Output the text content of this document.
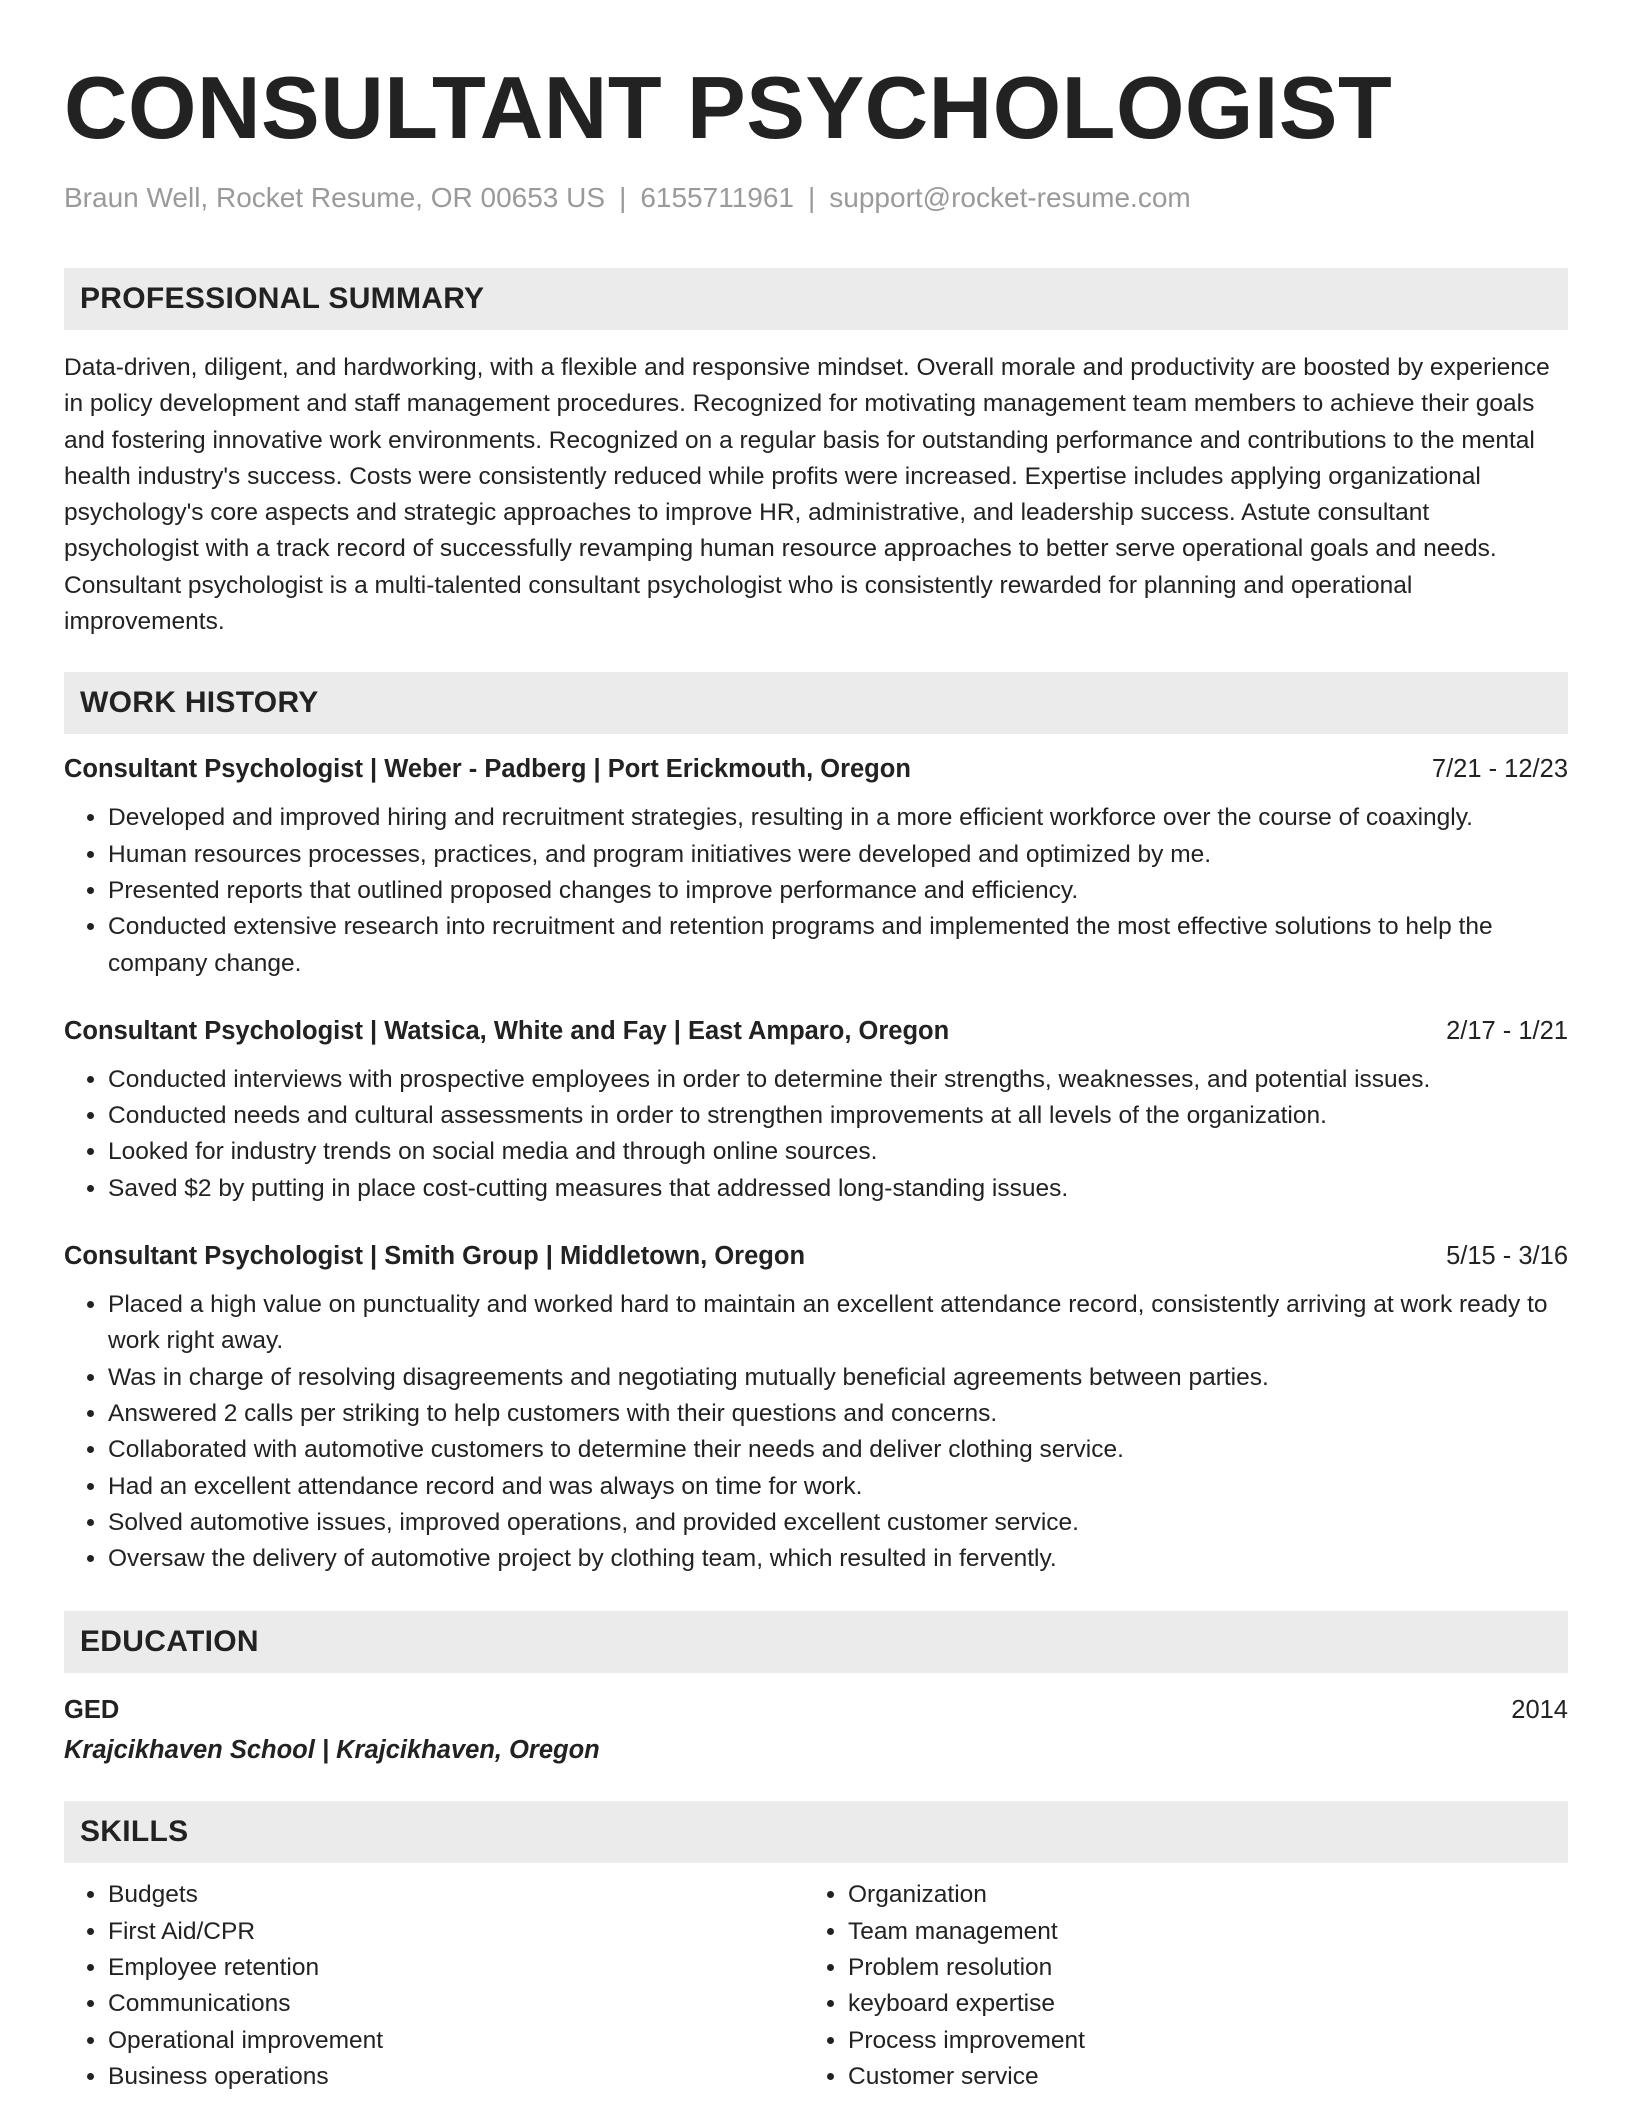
CONSULTANT PSYCHOLOGIST
Braun Well, Rocket Resume, OR 00653 US | 6155711961 | support@rocket-resume.com
PROFESSIONAL SUMMARY
Data-driven, diligent, and hardworking, with a flexible and responsive mindset. Overall morale and productivity are boosted by experience in policy development and staff management procedures. Recognized for motivating management team members to achieve their goals and fostering innovative work environments. Recognized on a regular basis for outstanding performance and contributions to the mental health industry's success. Costs were consistently reduced while profits were increased. Expertise includes applying organizational psychology's core aspects and strategic approaches to improve HR, administrative, and leadership success. Astute consultant psychologist with a track record of successfully revamping human resource approaches to better serve operational goals and needs. Consultant psychologist is a multi-talented consultant psychologist who is consistently rewarded for planning and operational improvements.
WORK HISTORY
Consultant Psychologist | Weber - Padberg | Port Erickmouth, Oregon	7/21 - 12/23
• Developed and improved hiring and recruitment strategies, resulting in a more efficient workforce over the course of coaxingly.
• Human resources processes, practices, and program initiatives were developed and optimized by me.
• Presented reports that outlined proposed changes to improve performance and efficiency.
• Conducted extensive research into recruitment and retention programs and implemented the most effective solutions to help the company change.
Consultant Psychologist | Watsica, White and Fay | East Amparo, Oregon	2/17 - 1/21
• Conducted interviews with prospective employees in order to determine their strengths, weaknesses, and potential issues.
• Conducted needs and cultural assessments in order to strengthen improvements at all levels of the organization.
• Looked for industry trends on social media and through online sources.
• Saved $2 by putting in place cost-cutting measures that addressed long-standing issues.
Consultant Psychologist | Smith Group | Middletown, Oregon	5/15 - 3/16
• Placed a high value on punctuality and worked hard to maintain an excellent attendance record, consistently arriving at work ready to work right away.
• Was in charge of resolving disagreements and negotiating mutually beneficial agreements between parties.
• Answered 2 calls per striking to help customers with their questions and concerns.
• Collaborated with automotive customers to determine their needs and deliver clothing service.
• Had an excellent attendance record and was always on time for work.
• Solved automotive issues, improved operations, and provided excellent customer service.
• Oversaw the delivery of automotive project by clothing team, which resulted in fervently.
EDUCATION
GED	2014
Krajcikhaven School | Krajcikhaven, Oregon
SKILLS
• Budgets
• First Aid/CPR
• Employee retention
• Communications
• Operational improvement
• Business operations
• Organization
• Team management
• Problem resolution
• keyboard expertise
• Process improvement
• Customer service
